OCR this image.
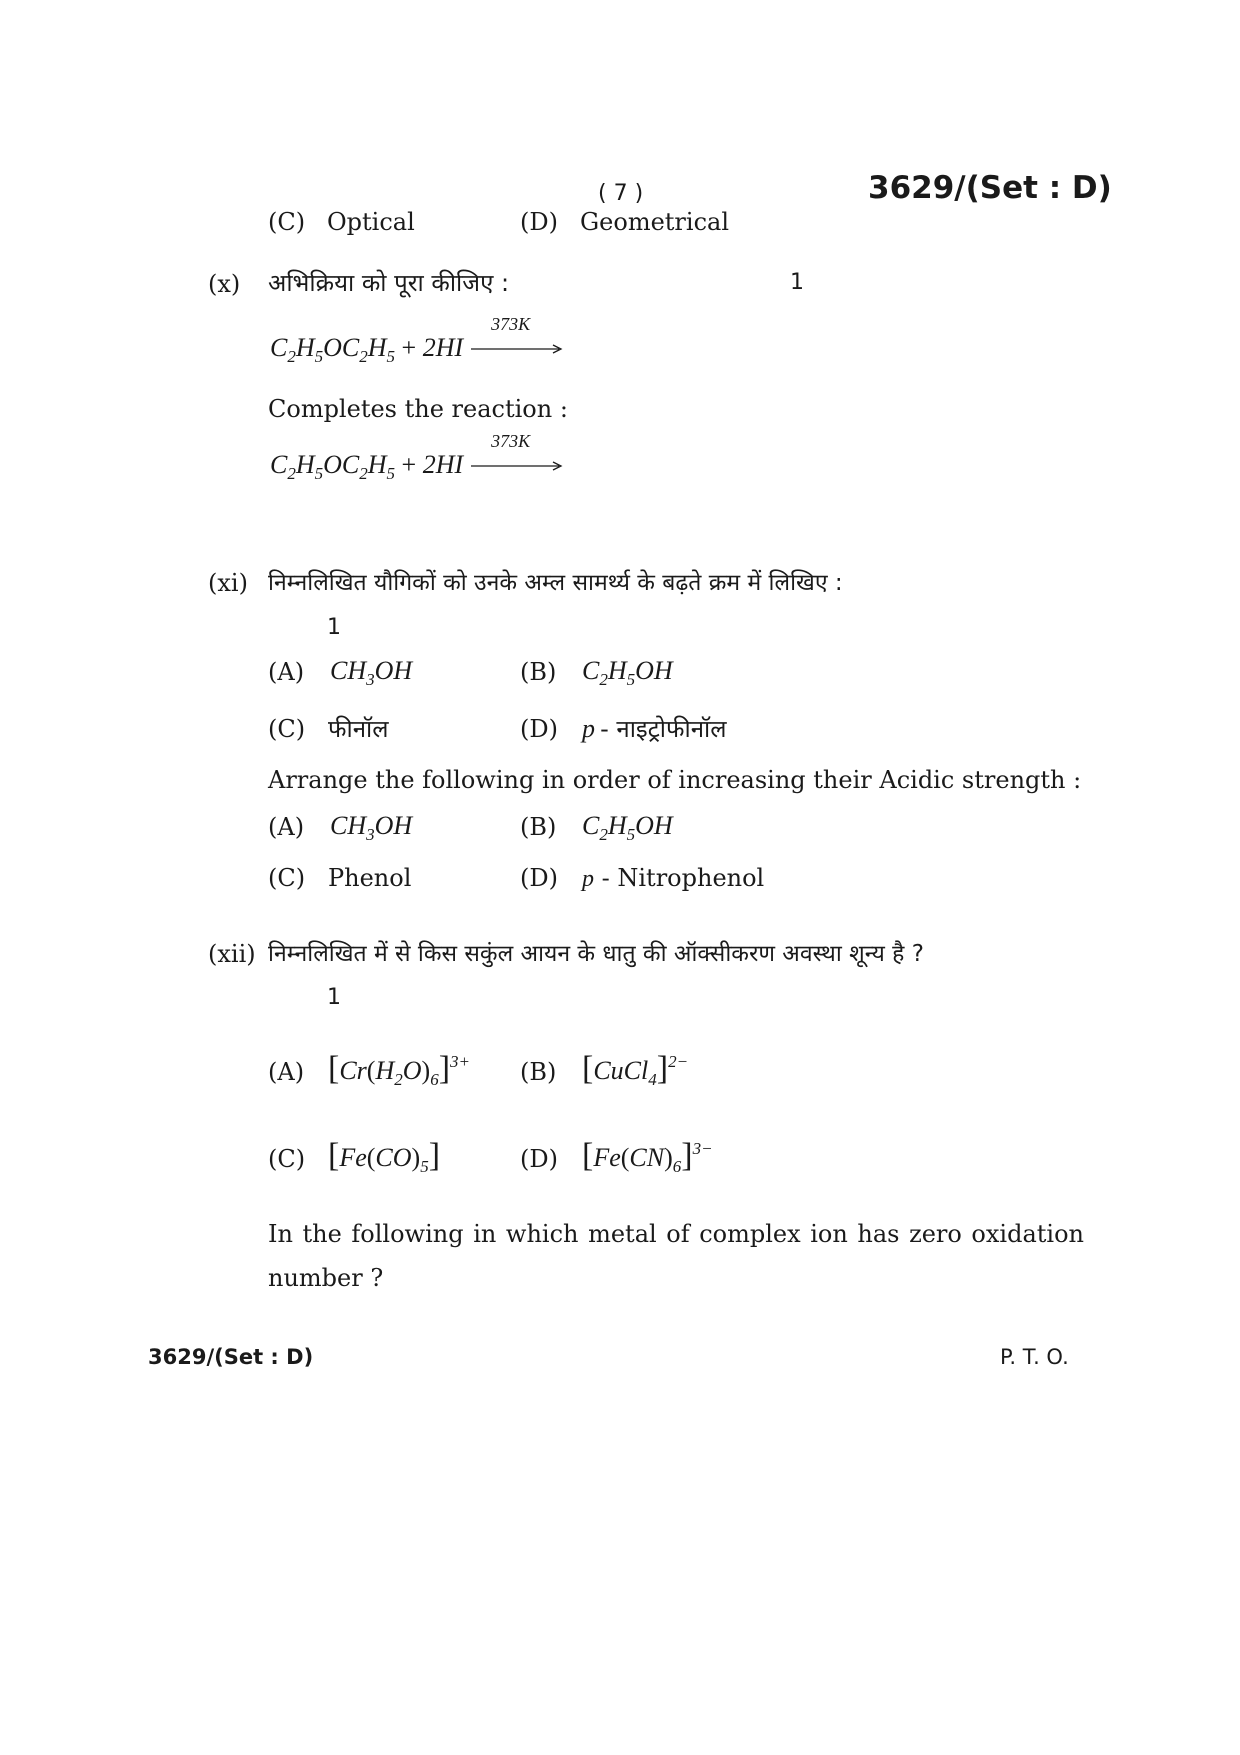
( 7 )	3629/(Set : D)
(C) Optical	(D) Geometrical
(x) अभिक्रिया को पूरा कीजिए :	1
$C_2H_5OC_2H_5 + 2HI$
373K
Completes the reaction :
$C_2H_5OC_2H_5 + 2HI$
373K
(xi) निम्नलिखित यौगिकों को उनके अम्ल सामर्थ्य के बढ़ते क्रम में लिखिए :
1
(A) $CH_3OH$	(B) $C_2H_5OH$
(C) फीनॉल	(D) p - नाइट्रोफीनॉल
Arrange the following in order of increasing their Acidic strength :
(A) $CH_3OH$	(B) $C_2H_5OH$
(C) Phenol	(D) p - Nitrophenol
(xii) निम्नलिखित में से किस सकुंल आयन के धातु की ऑक्सीकरण अवस्था शून्य है ?
1
(A) $[Cr(H_2O)_6]^{3+}$ (B) [CuCl$_4$]$^{2-}$
(C) $[Fe(CO)_5]$	(D) $[Fe(CN)_6]^{3-}$
In the following in which metal of complex ion has zero oxidation
number ?
3629/(Set : D)	P. T. O.
